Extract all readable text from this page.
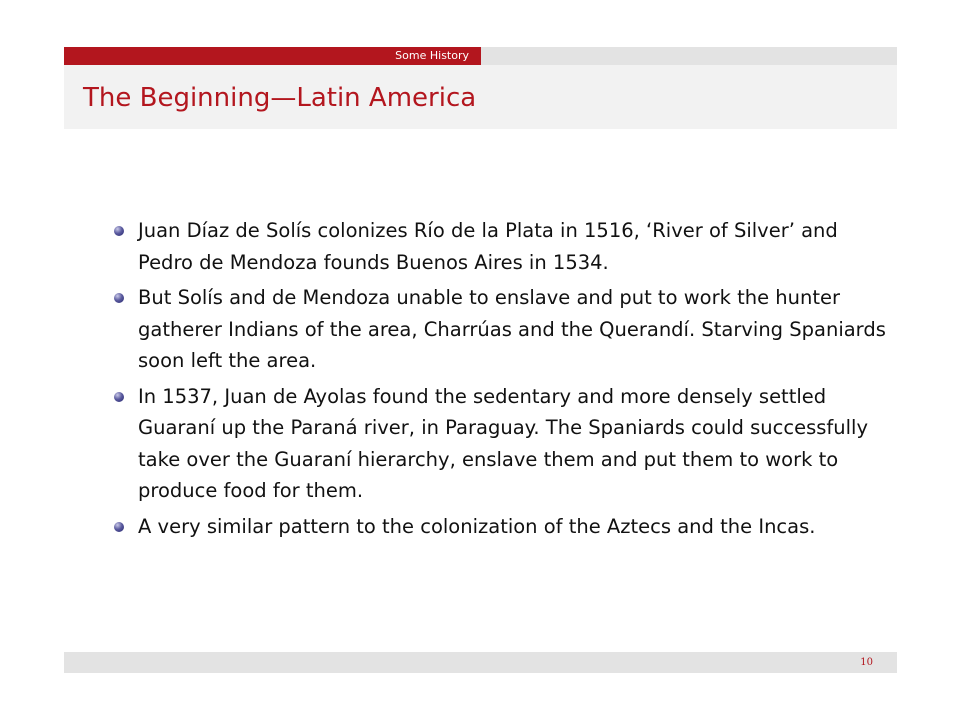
Some History
The Beginning—Latin America
Juan Díaz de Solís colonizes Río de la Plata in 1516, ‘River of Silver’ and Pedro de Mendoza founds Buenos Aires in 1534.
But Solís and de Mendoza unable to enslave and put to work the hunter gatherer Indians of the area, Charrúas and the Querandí. Starving Spaniards soon left the area.
In 1537, Juan de Ayolas found the sedentary and more densely settled Guaraní up the Paraná river, in Paraguay. The Spaniards could successfully take over the Guaraní hierarchy, enslave them and put them to work to produce food for them.
A very similar pattern to the colonization of the Aztecs and the Incas.
10
